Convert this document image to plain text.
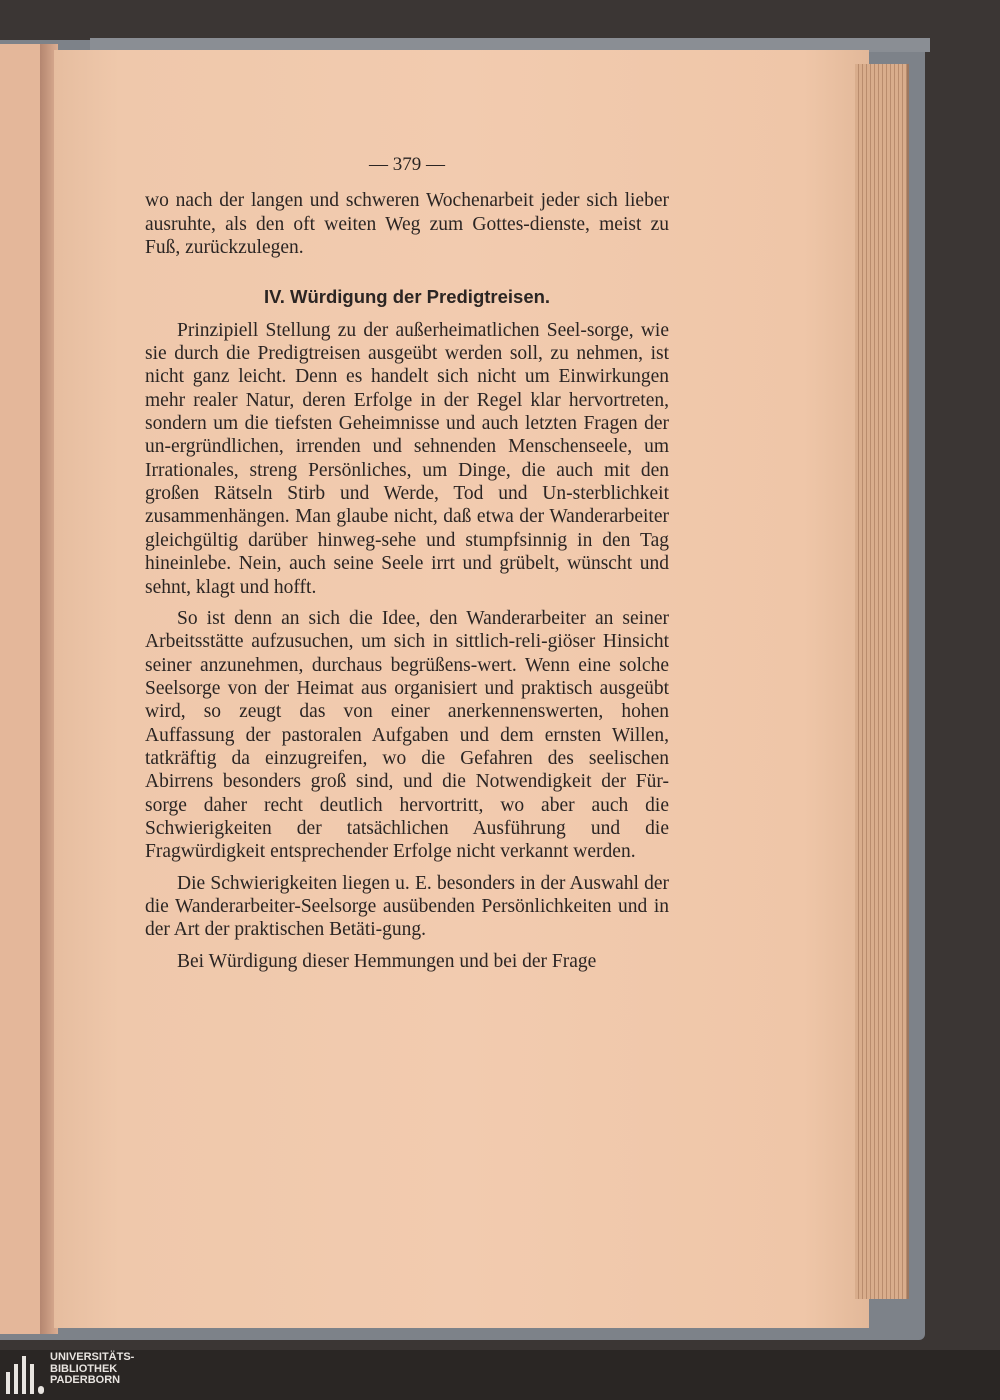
— 379 —

wo nach der langen und schweren Wochenarbeit jeder sich lieber ausruhte, als den oft weiten Weg zum Gottes-dienste, meist zu Fuß, zurückzulegen.

IV. Würdigung der Predigtreisen.

Prinzipiell Stellung zu der außerheimatlichen Seel-sorge, wie sie durch die Predigtreisen ausgeübt werden soll, zu nehmen, ist nicht ganz leicht. Denn es handelt sich nicht um Einwirkungen mehr realer Natur, deren Erfolge in der Regel klar hervortreten, sondern um die tiefsten Geheimnisse und auch letzten Fragen der un-ergründlichen, irrenden und sehnenden Menschenseele, um Irrationales, streng Persönliches, um Dinge, die auch mit den großen Rätseln Stirb und Werde, Tod und Un-sterblichkeit zusammenhängen. Man glaube nicht, daß etwa der Wanderarbeiter gleichgültig darüber hinweg-sehe und stumpfsinnig in den Tag hineinlebe. Nein, auch seine Seele irrt und grübelt, wünscht und sehnt, klagt und hofft.

So ist denn an sich die Idee, den Wanderarbeiter an seiner Arbeitsstätte aufzusuchen, um sich in sittlich-reli-giöser Hinsicht seiner anzunehmen, durchaus begrüßens-wert. Wenn eine solche Seelsorge von der Heimat aus organisiert und praktisch ausgeübt wird, so zeugt das von einer anerkennenswerten, hohen Auffassung der pastoralen Aufgaben und dem ernsten Willen, tatkräftig da einzugreifen, wo die Gefahren des seelischen Abirrens besonders groß sind, und die Notwendigkeit der Für-sorge daher recht deutlich hervortritt, wo aber auch die Schwierigkeiten der tatsächlichen Ausführung und die Fragwürdigkeit entsprechender Erfolge nicht verkannt werden.

Die Schwierigkeiten liegen u. E. besonders in der Auswahl der die Wanderarbeiter-Seelsorge ausübenden Persönlichkeiten und in der Art der praktischen Betäti-gung.

Bei Würdigung dieser Hemmungen und bei der Frage

UNIVERSITÄTS-
BIBLIOTHEK
PADERBORN
